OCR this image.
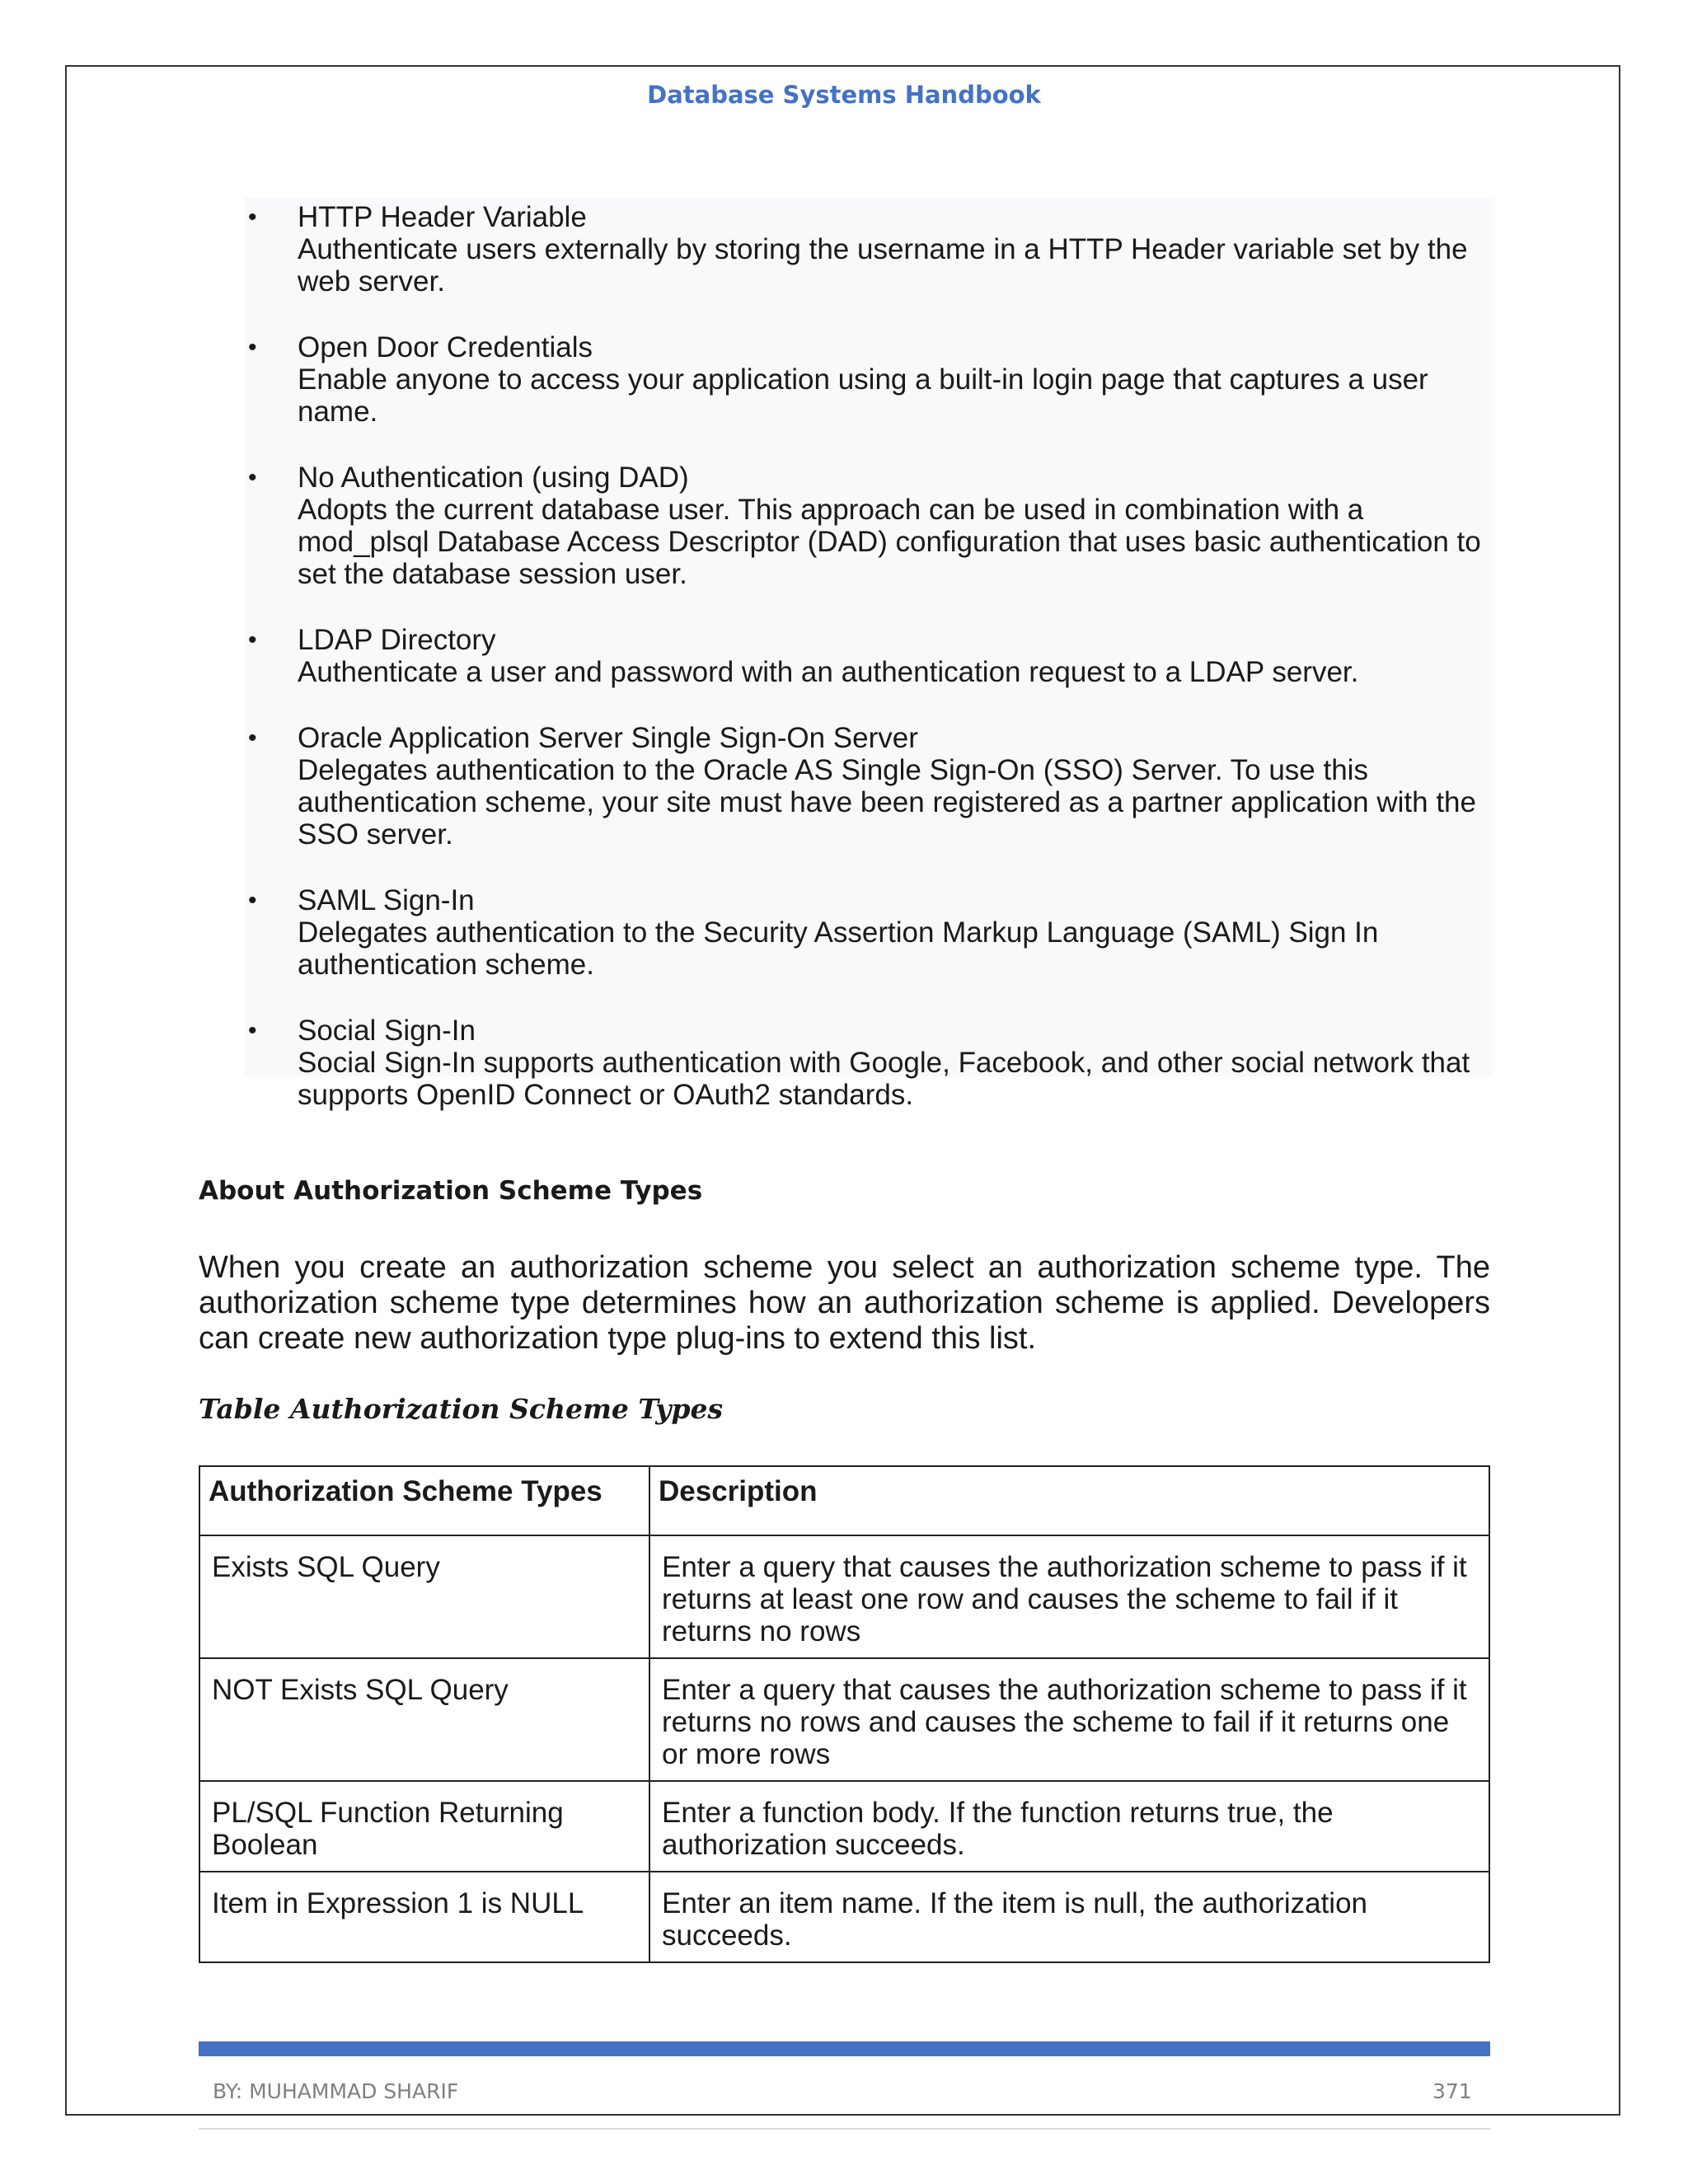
Database Systems Handbook
• HTTP Header Variable
Authenticate users externally by storing the username in a HTTP Header variable set by the web server.
• Open Door Credentials
Enable anyone to access your application using a built-in login page that captures a user name.
• No Authentication (using DAD)
Adopts the current database user. This approach can be used in combination with a mod_plsql Database Access Descriptor (DAD) configuration that uses basic authentication to set the database session user.
• LDAP Directory
Authenticate a user and password with an authentication request to a LDAP server.
• Oracle Application Server Single Sign-On Server
Delegates authentication to the Oracle AS Single Sign-On (SSO) Server. To use this authentication scheme, your site must have been registered as a partner application with the SSO server.
• SAML Sign-In
Delegates authentication to the Security Assertion Markup Language (SAML) Sign In authentication scheme.
• Social Sign-In
Social Sign-In supports authentication with Google, Facebook, and other social network that supports OpenID Connect or OAuth2 standards.
About Authorization Scheme Types

When you create an authorization scheme you select an authorization scheme type. The authorization scheme type determines how an authorization scheme is applied. Developers can create new authorization type plug-ins to extend this list.

Table Authorization Scheme Types
Authorization Scheme Types	Description
Exists SQL Query	Enter a query that causes the authorization scheme to pass if it returns at least one row and causes the scheme to fail if it returns no rows
NOT Exists SQL Query	Enter a query that causes the authorization scheme to pass if it returns no rows and causes the scheme to fail if it returns one or more rows
PL/SQL Function Returning Boolean	Enter a function body. If the function returns true, the authorization succeeds.
Item in Expression 1 is NULL	Enter an item name. If the item is null, the authorization succeeds.
BY: MUHAMMAD SHARIF	371
